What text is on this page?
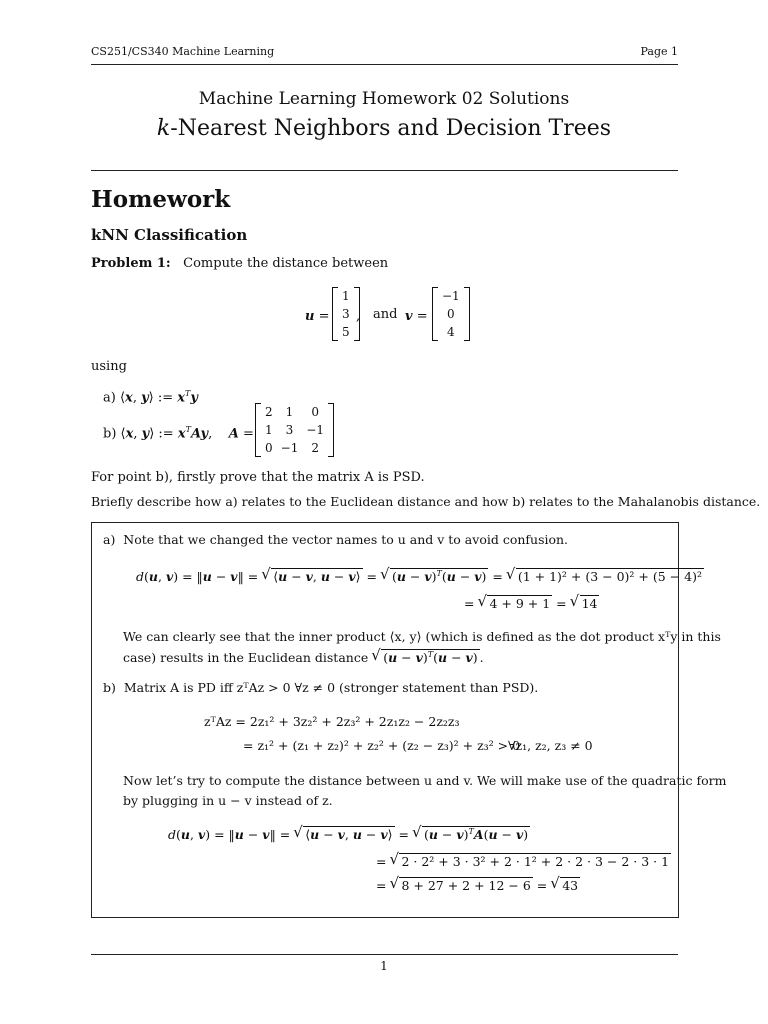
CS251/CS340 Machine Learning	Page 1
Machine Learning Homework 02 Solutions
k-Nearest Neighbors and Decision Trees
Homework
kNN Classification
Problem 1: Compute the distance between
u =
1
3
5
, and v =
−1
0
4
using
a) ⟨x, y⟩ := $x^Ty$
b) ⟨x, y⟩ := $x^TAy$,    A =
2	1	0
1	3	−1
0	−1	2
For point b), firstly prove that the matrix A is PSD.
Briefly describe how a) relates to the Euclidean distance and how b) relates to the Mahalanobis distance.
a) Note that we changed the vector names to u and v to avoid confusion.
d(u, v) = ‖u − v‖ = √ ⟨u − v, u − v⟩ = √ $(u - v)^T(u - v)$ = √ (1 + 1)² + (3 − 0)² + (5 − 4)²
= √ 4 + 9 + 1 = √ 14
We can clearly see that the inner product ⟨x, y⟩ (which is defined as the dot product xᵀy in this
case) results in the Euclidean distance √ $(u - v)^T(u - v)$ .
b) Matrix A is PD iff zᵀAz > 0 ∀z ≠ 0 (stronger statement than PSD).
zᵀAz = 2z₁² + 3z₂² + 2z₃² + 2z₁z₂ − 2z₂z₃
= z₁² + (z₁ + z₂)² + z₂² + (z₂ − z₃)² + z₃² > 0
∀z₁, z₂, z₃ ≠ 0
Now let’s try to compute the distance between u and v. We will make use of the quadratic form
by plugging in u − v instead of z.
d(u, v) = ‖u − v‖ = √ ⟨u − v, u − v⟩ = √ $(u - v)^TA(u - v)$
= √ 2 · 2² + 3 · 3² + 2 · 1² + 2 · 2 · 3 − 2 · 3 · 1
= √ 8 + 27 + 2 + 12 − 6 = √ 43
1
